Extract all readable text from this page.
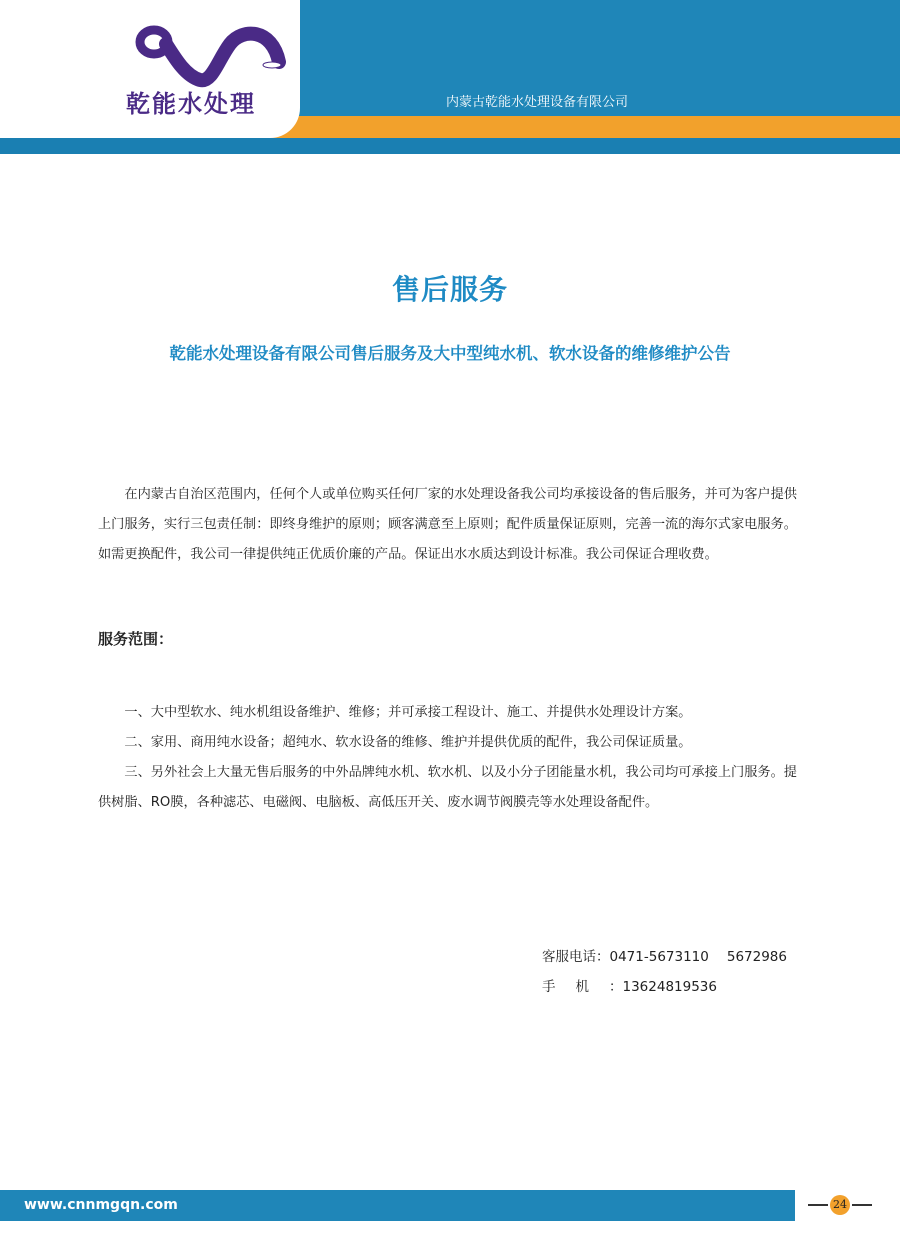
乾能水处理
QianNengShuiChuLi
内蒙古乾能水处理设备有限公司
售后服务
乾能水处理设备有限公司售后服务及大中型纯水机、软水设备的维修维护公告

在内蒙古自治区范围内，任何个人或单位购买任何厂家的水处理设备我公司均承接设备的售后服务，并可为客户提供上门服务，实行三包责任制：即终身维护的原则；顾客满意至上原则；配件质量保证原则，完善一流的海尔式家电服务。如需更换配件，我公司一律提供纯正优质价廉的产品。保证出水水质达到设计标准。我公司保证合理收费。

服务范围：

一、大中型软水、纯水机组设备维护、维修；并可承接工程设计、施工、并提供水处理设计方案。

二、家用、商用纯水设备；超纯水、软水设备的维修、维护并提供优质的配件，我公司保证质量。

三、另外社会上大量无售后服务的中外品牌纯水机、软水机、以及小分子团能量水机，我公司均可承接上门服务。提供树脂、RO膜，各种滤芯、电磁阀、电脑板、高低压开关、废水调节阀膜壳等水处理设备配件。

客服电话：0471-5673110 5672986
手机：13624819536
www.cnnmgqn.com	24
